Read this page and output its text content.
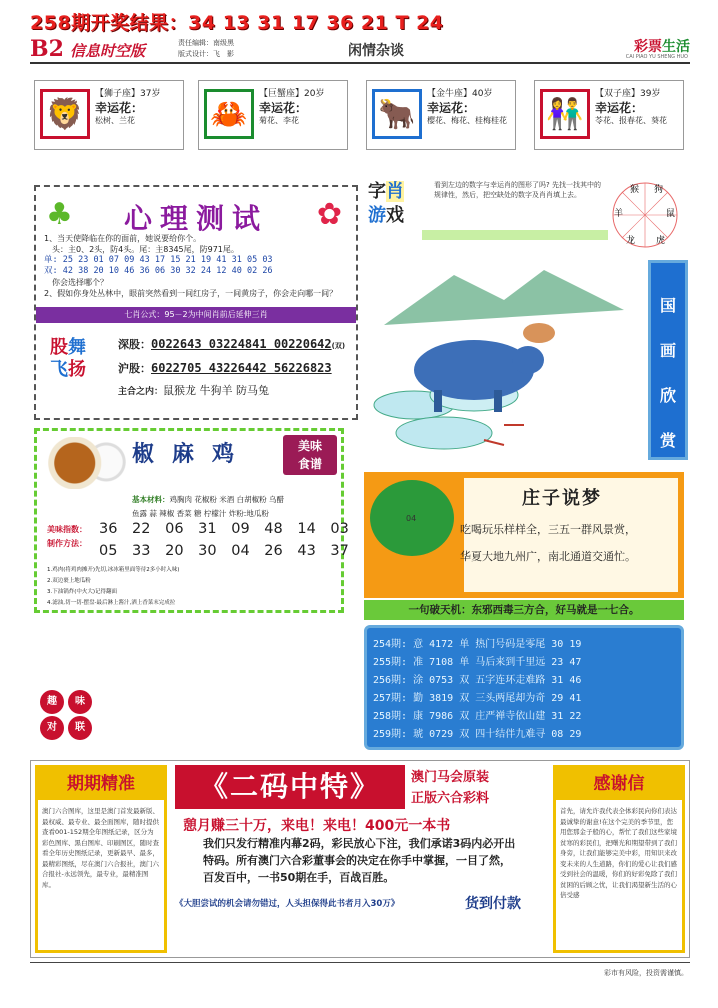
258期开奖结果：34 13 31 17 36 21 T 24
B2 信息时空版	责任编辑：南级黑
版式设计：飞　影	闲情杂谈	彩票生活
CAI PIAO YU SHENG HUO
🦁
【狮子座】37岁
幸运花：
松树、兰花	🦀
【巨蟹座】20岁
幸运花：
菊花、李花	🐂
【金牛座】40岁
幸运花：
樱花、梅花、桂梅桂花 👫
【双子座】39岁
幸运花：
苓花、报春花、葵花
♣	心理测试	✿
1、当天使降临在你的面前，她说要给你个。
　头：主0、2头，防4头。尾：主8345尾，防971尾。
单: 25 23 01 07 09 43 17 15 21 19 41 31 05 03
双: 42 38 20 10 46 36 06 30 32 24 12 40 02 26
　你会选择哪个？
2、假如你身处丛林中，眼前突然看到一间红房子，一间黄房子，你会走向哪一间？
七肖公式：95－2为中间肖前后延伸三肖
股舞
飞扬
深股：0022643 03224841 00220642(双)
沪股：6022705 43226442 56226823
主合之内：鼠猴龙 牛狗羊 防马兔
椒麻鸡	美味
食谱
基本材料：鸡胸肉 花椒粉 米酒 白胡椒粉 乌醋
鱼露 蒜 辣椒 香菜 糖 柠檬汁 炸粉:地瓜粉
美味指数：
制作方法：
36 22 06 31 09 48 14 03
05 33 20 30 04 26 43 37
1.鸡肉(将鸡肉摊开)先切,冰冰箱里面等待2多小时入味)
2.双边裹上地瓜粉
3.下油锅炸(中火大)记得翻面
4.滤油,切一切-摆盘-最后淋上酱汁,洒上香菜末完成拉
趣	味
对	联
字肖
游戏
看到左边的数字与幸运肖的图形了吗? 先找一找其中的规律性，然后，把空缺处的数字及肖肖填上去。	猴 狗
鼠
虎
龙
羊
国
画
欣
赏
04
庄子说梦
吃喝玩乐样样全，三五一群风景赏，
华夏大地九州广，南北通道交通忙。
一句破天机：东邪西毒三方合，好马就是一七合。
254期: 意 4172 单 热门号码是零尾 30 19
255期: 准 7108 单 马后来到千里远 23 47
256期: 涂 0753 双 五字连环走难路 31 46
257期: 勤 3819 双 三头两尾却为奇 29 41
258期: 康 7986 双 庄严禅寺依山建 31 22
259期: 琥 0729 双 四十结伴九难寻 08 29
期期精准
澳门六合图库，这里是澳门首发最新版、最权威、最专业、最全面图库，随时提供查看001-152期全年图纸记录，区分为彩色图库、黑白图库、印刷图区，随时查看全年历史图纸记录，更新最早、最多，最精彩图纸，尽在澳门六合报社，澳门六合报社-永远领先，最专业，最精准图库。
《二码中特》	澳门马会原装
正版六合彩料
憩月赚三十万，来电！来电！400元一本书
我们只发行精准内幕2码，彩民放心下注，我们承诺3码内必开出特码。所有澳门六合彩董事会的决定在你手中掌握，一目了然，百发百中，一书50期在手，百战百胜。
《大胆尝试的机会请勿错过，人头担保得此书者月入30万》	货到付款
感谢信
首先，请允许我代表全体彩民向你们表达最诚挚的谢意!在这个完美的季节里，您用您那金子般的心，帮忙了我们这些家境贫寒的彩民们，把曙光和期望带到了我们身旁，让我们能够完美中彩，用知识来改变未来的人生道路，你们的爱心让我们感受到社会的温暖，你们的好彩免除了我们贫困的后顾之忧，让我们渴望新生活的心倍受感
彩市有风险，投资需谨慎。
